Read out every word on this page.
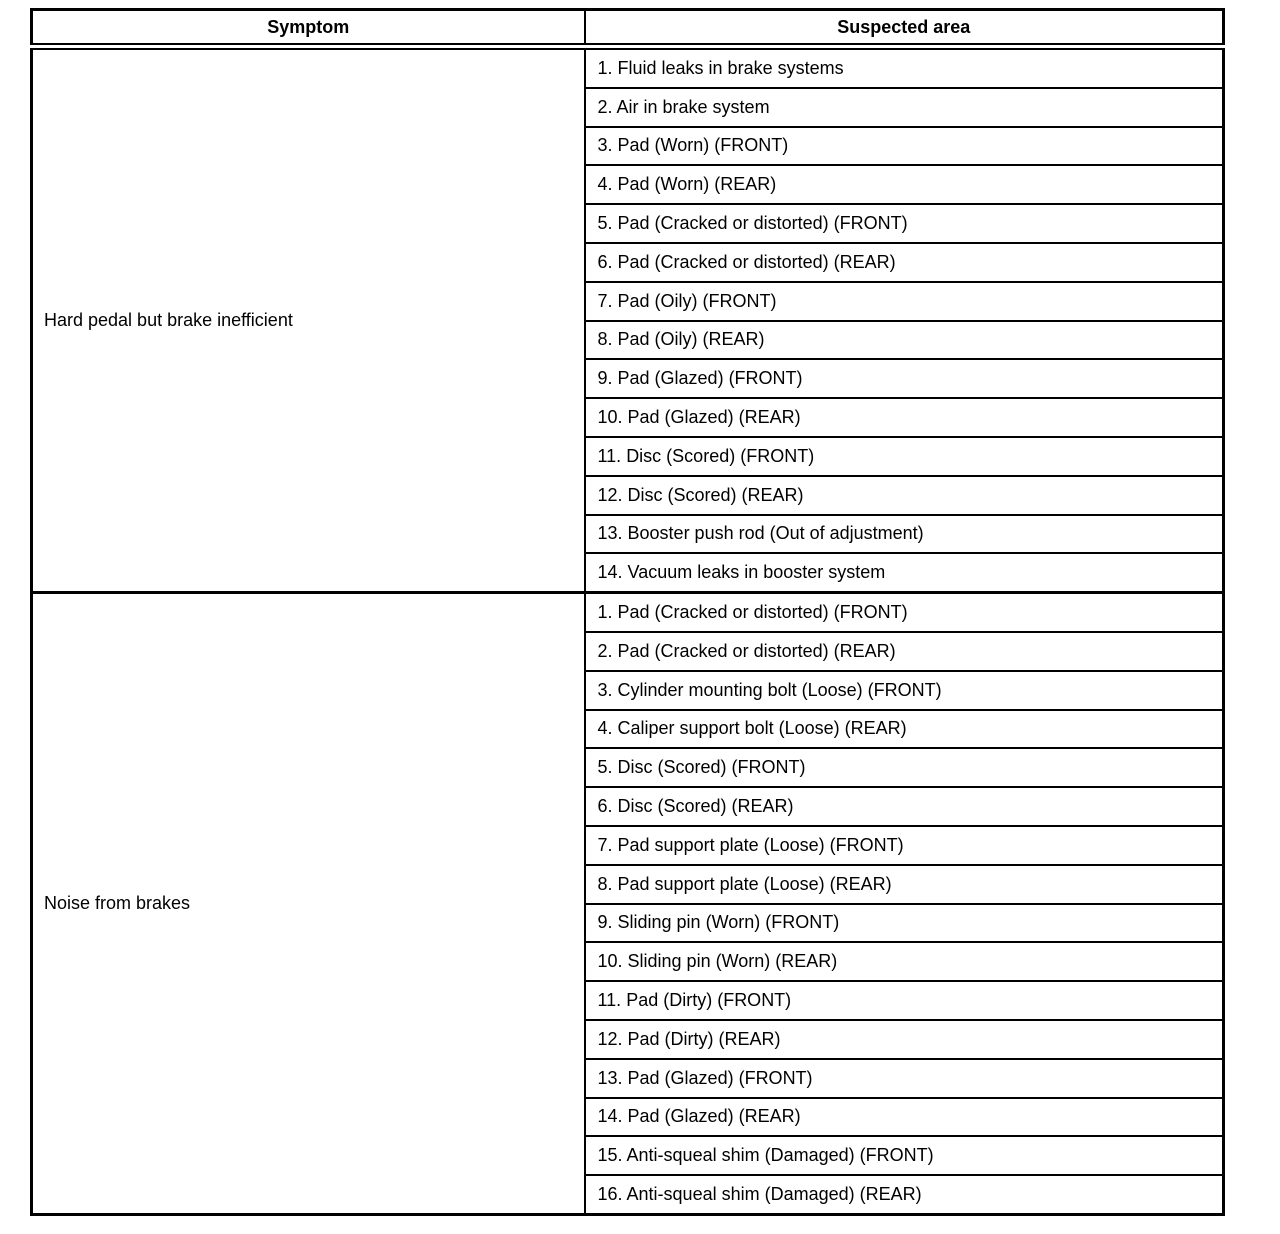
Symptom	Suspected area
Hard pedal but brake inefficient	1. Fluid leaks in brake systems
	2. Air in brake system
	3. Pad (Worn) (FRONT)
	4. Pad (Worn) (REAR)
	5. Pad (Cracked or distorted) (FRONT)
	6. Pad (Cracked or distorted) (REAR)
	7. Pad (Oily) (FRONT)
	8. Pad (Oily) (REAR)
	9. Pad (Glazed) (FRONT)
	10. Pad (Glazed) (REAR)
	11. Disc (Scored) (FRONT)
	12. Disc (Scored) (REAR)
	13. Booster push rod (Out of adjustment)
	14. Vacuum leaks in booster system
Noise from brakes	1. Pad (Cracked or distorted) (FRONT)
	2. Pad (Cracked or distorted) (REAR)
	3. Cylinder mounting bolt (Loose) (FRONT)
	4. Caliper support bolt (Loose) (REAR)
	5. Disc (Scored) (FRONT)
	6. Disc (Scored) (REAR)
	7. Pad support plate (Loose) (FRONT)
	8. Pad support plate (Loose) (REAR)
	9. Sliding pin (Worn) (FRONT)
	10. Sliding pin (Worn) (REAR)
	11. Pad (Dirty) (FRONT)
	12. Pad (Dirty) (REAR)
	13. Pad (Glazed) (FRONT)
	14. Pad (Glazed) (REAR)
	15. Anti-squeal shim (Damaged) (FRONT)
	16. Anti-squeal shim (Damaged) (REAR)
